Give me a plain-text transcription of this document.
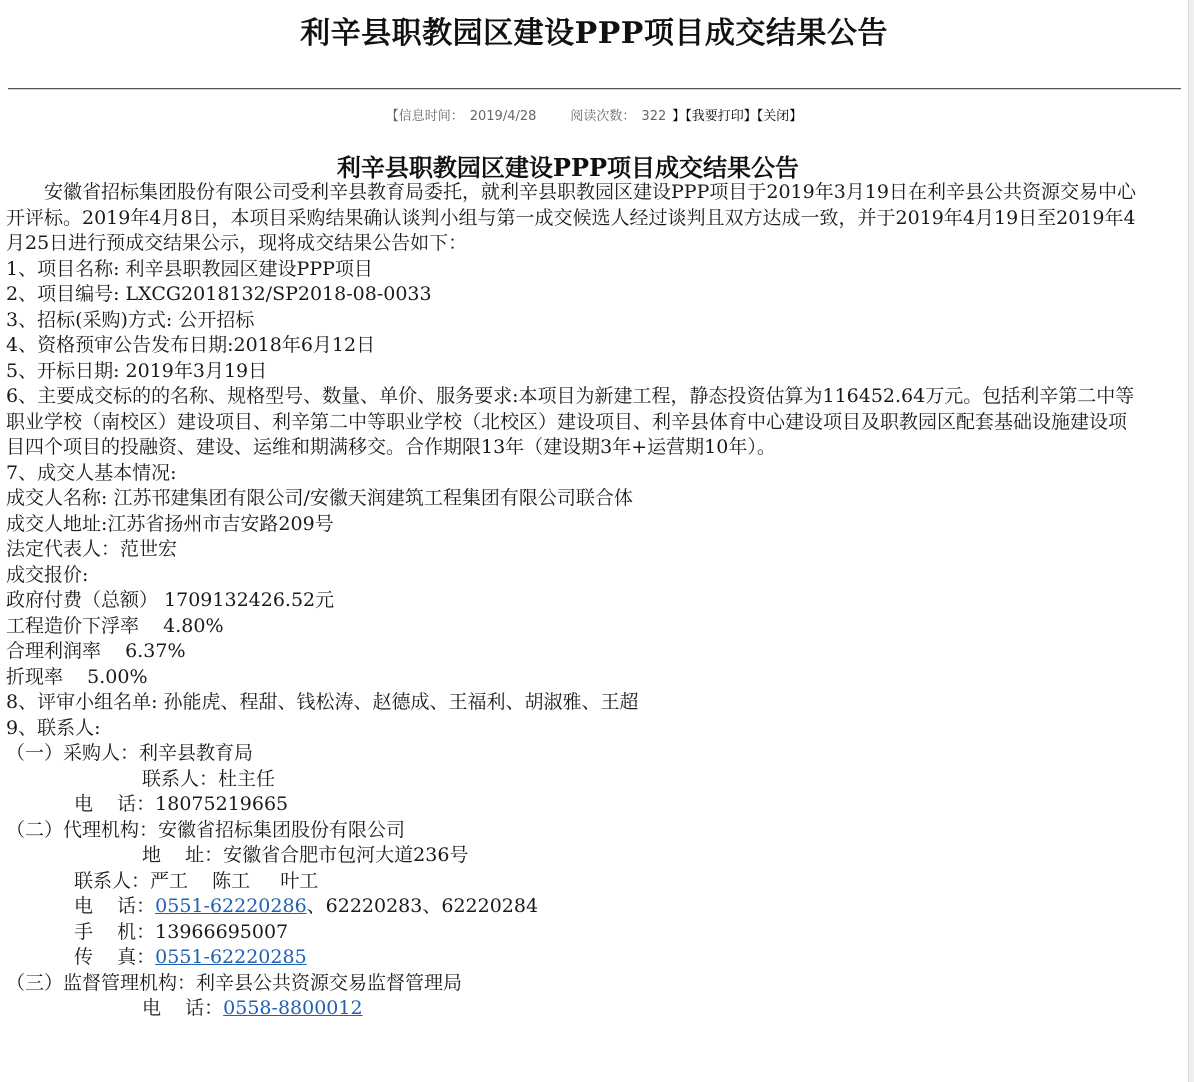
利辛县职教园区建设PPP项目成交结果公告
【信息时间： 2019/4/28	阅读次数： 322 】【我要打印】【关闭】
利辛县职教园区建设PPP项目成交结果公告

安徽省招标集团股份有限公司受利辛县教育局委托，就利辛县职教园区建设PPP项目于2019年3月19日在利辛县公共资源交易中心开评标。2019年4月8日，本项目采购结果确认谈判小组与第一成交候选人经过谈判且双方达成一致，并于2019年4月19日至2019年4月25日进行预成交结果公示，现将成交结果公告如下：

1、项目名称: 利辛县职教园区建设PPP项目

2、项目编号: LXCG2018132/SP2018-08-0033

3、招标(采购)方式: 公开招标

4、资格预审公告发布日期:2018年6月12日

5、开标日期: 2019年3月19日

6、主要成交标的的名称、规格型号、数量、单价、服务要求:本项目为新建工程，静态投资估算为116452.64万元。包括利辛第二中等职业学校（南校区）建设项目、利辛第二中等职业学校（北校区）建设项目、利辛县体育中心建设项目及职教园区配套基础设施建设项目四个项目的投融资、建设、运维和期满移交。合作期限13年（建设期3年+运营期10年）。

7、成交人基本情况:

成交人名称: 江苏邗建集团有限公司/安徽天润建筑工程集团有限公司联合体

成交人地址:江苏省扬州市吉安路209号

法定代表人：范世宏

成交报价:

政府付费（总额） 1709132426.52元

工程造价下浮率    4.80%

合理利润率    6.37%

折现率    5.00%

8、评审小组名单: 孙能虎、程甜、钱松涛、赵德成、王福利、胡淑雅、王超

9、联系人:

（一）采购人：利辛县教育局

联系人：杜主任

电    话：18075219665

（二）代理机构：安徽省招标集团股份有限公司

地    址：安徽省合肥市包河大道236号

联系人：严工    陈工     叶工

电    话：0551-62220286、62220283、62220284

手    机：13966695007

传    真：0551-62220285

（三）监督管理机构：利辛县公共资源交易监督管理局

电    话：0558-8800012
